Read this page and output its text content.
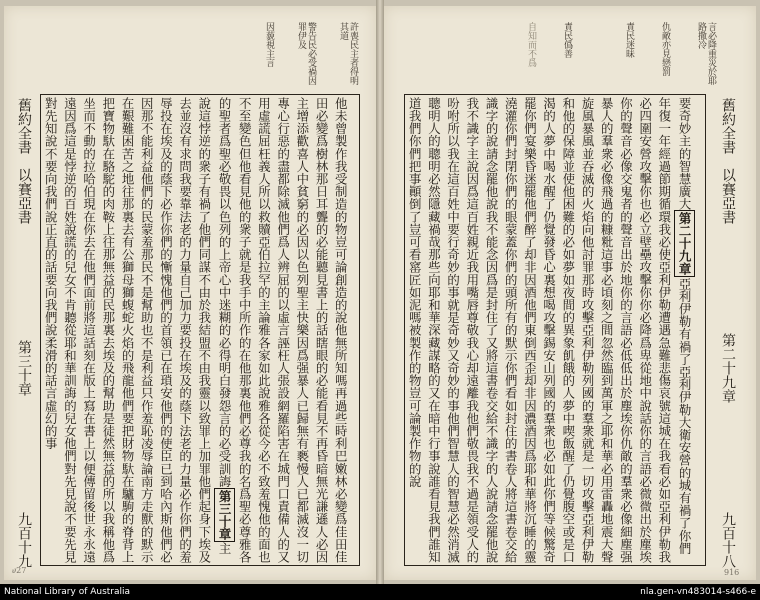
許喪民主者得明其道
警告民必受禍因罪伊及
因藐視主言
他未曾製作我受制造的物豈可論創造的說他無所知嗎再過些時利巴嫩林必變爲佳田佳田必變爲樹林那日耳聾的必能聽見書上的話瞎眼的必能看見不再昏暗無光謙遜人必因主增添歡喜人中貧窮的必因以色列聖主快樂因爲强暴人已歸無有褻慢人已都滅沒一切專心行惡的盡都除滅他們爲人辨屈的以虛言誣枉人張設網羅陷害在城門口責備人的又用虛謊屈枉義人所以救贖亞伯拉罕的主論雅各家如此說雅各從今必不致羞愧他的面也不至變色但他看見他的衆子就是我手中所作的在他那裏他們必尊我的名爲聖必尊雅各的聖者爲聖必敬畏以色列的上帝心中迷糊的必得明白發怨言的必受訓誨第三十章主說這悖逆的衆子有禍了他們同謀不由於我結盟不由我靈以致罪上加罪他們起身下埃及去並沒有求問我要靠法老的力量自己加力要投在埃及的蔭下法老的力量必作你們的羞辱投在埃及的蔭下必作你們的慚愧他們的首領已在瑣安他們的使臣已到哈內斯他們必因那不能利益他們的民蒙羞那民不是幫助也不是利益只作羞恥凌辱論南方走獸的默示在艱難困苦之地往那裏去有公獅母獅蝮蛇火焰的飛龍他們要把財物馱在驢駒的脊背上把寶物馱在駱駝的肉鞍上往那無益的民那裏去埃及的幫助是徒然無益的所以我稱他爲坐而不動的拉哈伯現在你去在他們面前將這話刻在版上寫在書上以便傳留後世永永遠遠因爲這是悖逆的百姓說謊的兒女不肯聽從耶和華訓誨的兒女他們對先見說不要先見對先知說不要向我們說正直的話要向我們說柔滑的話言虛幻的事
舊約全書　以賽亞書
第三十章
九百十九
ሀ27
言必降重災於耶路撒冷
仇敵亦見戀罰
責民迷昧
責民僞善
自知而不爲
要奇妙主的智慧廣大第二十九章亞利伊勒有禍了亞利伊勒大衛安營的城有禍了你們年復一年經過節期循環我必使亞利伊勒遭遇急難悲傷哀號這城在我看必如亞利伊勒我必四圍安營攻擊你也必立壁壘攻擊你你必降爲卑從地中說話你的言語必微微出於塵埃你的聲音必像交鬼者的聲音出於地你的言語必低低出於塵埃你仇敵的羣衆必像細塵强暴人的羣衆必像飛過的糠粃這事必頃刻之間忽然臨到萬軍之耶和華必用雷轟地震大聲旋風暴風並吞滅的火焰向他討罪那時攻擊亞利伊勒列國的羣衆就是一切攻擊亞利伊勒和他的保障並使他困難的必如夢如夜間的異象飢餓的人夢中喫飯醒了仍覺腹空或是口渴的人夢中喝水醒了仍覺發昏心裏想喝攻擊錫安山列國的羣衆也必如此你們等候驚奇罷你們宴樂昏迷罷他們醉了却非因酒他們東倒西歪却非因濃酒因爲耶和華將沉睡的靈澆灌你們封閉你們的眼蒙蓋你們的頭所有的默示你們看如封住的書卷人將這書卷交給識字的說請念罷他說我不能念因爲是封住了又將這書卷交給不識字的人說請念罷他說我不識字主說因爲這百姓親近我用嘴唇尊敬我心却遠離我他們敬畏我不過是領受人的吩咐所以我在這百姓中要行奇妙的事就是奇妙又奇妙的事他們智慧人的智慧必然消滅聰明人的聰明必然隱藏禍哉那些向耶和華深藏謀略的又在暗中行事說誰看見我們誰知道我們你們把事顚倒了豈可看窰匠如泥嗎被製作的物豈可論製作物的說	舊約全書　以賽亞書
第二十九章
九百十八
916
National Library of Australia	nla.gen-vn483014-s466-e
